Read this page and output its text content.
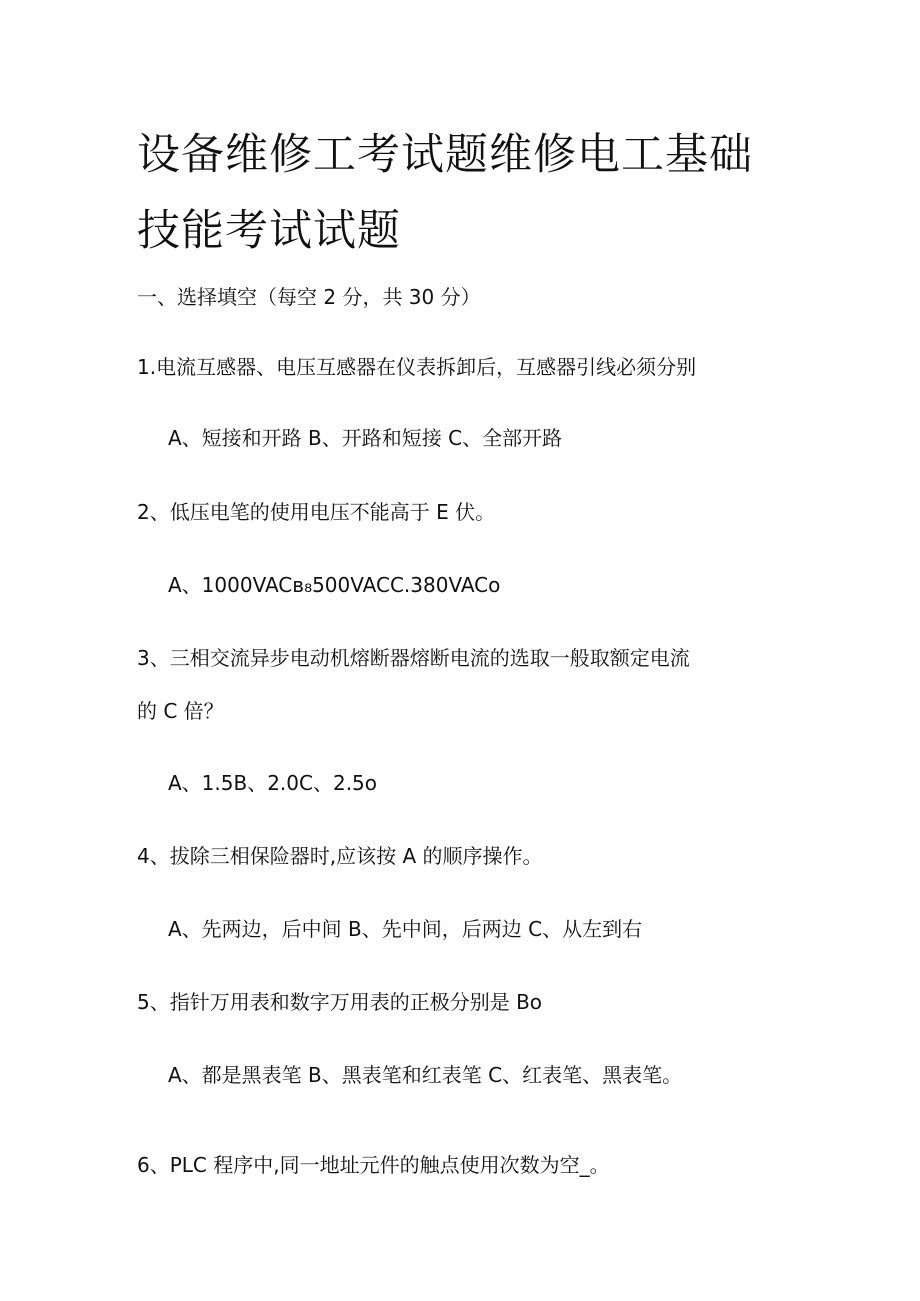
设备维修工考试题维修电工基础
技能考试试题
一、选择填空（每空 2 分，共 30 分）
1.电流互感器、电压互感器在仪表拆卸后，互感器引线必须分别
A、短接和开路 B、开路和短接 C、全部开路
2、低压电笔的使用电压不能高于 E 伏。
A、1000VACв₈500VACC.380VACo
3、三相交流异步电动机熔断器熔断电流的选取一般取额定电流
的 C 倍？
A、1.5B、2.0C、2.5o
4、拔除三相保险器时,应该按 A 的顺序操作。
A、先两边，后中间 B、先中间，后两边 C、从左到右
5、指针万用表和数字万用表的正极分别是 Bo
A、都是黑表笔 B、黑表笔和红表笔 C、红表笔、黑表笔。
6、PLC 程序中,同一地址元件的触点使用次数为空_。
